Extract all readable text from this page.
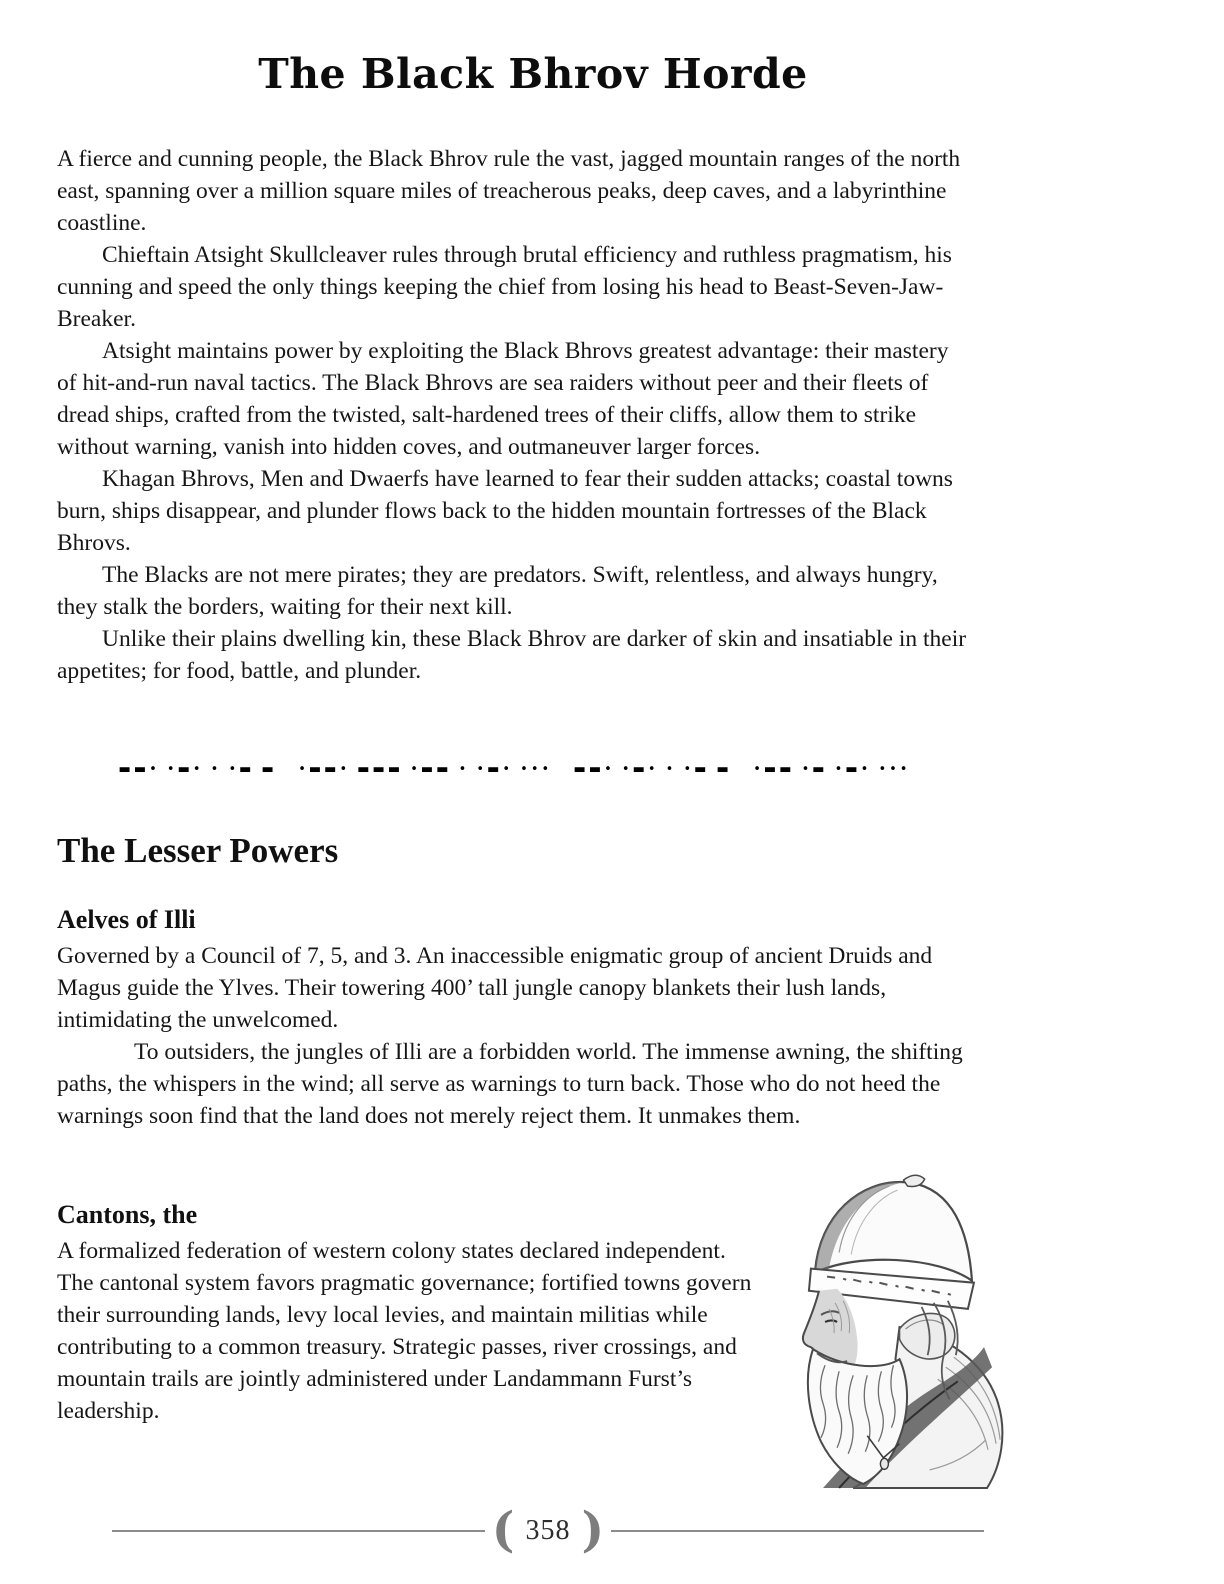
The Black Bhrov Horde

A fierce and cunning people, the Black Bhrov rule the vast, jagged mountain ranges of the north east, spanning over a million square miles of treacherous peaks, deep caves, and a labyrinthine coastline.

Chieftain Atsight Skullcleaver rules through brutal efficiency and ruthless pragmatism, his cunning and speed the only things keeping the chief from losing his head to Beast-Seven-Jaw-Breaker.

Atsight maintains power by exploiting the Black Bhrovs greatest advantage: their mastery of hit-and-run naval tactics. The Black Bhrovs are sea raiders without peer and their fleets of dread ships, crafted from the twisted, salt-hardened trees of their cliffs, allow them to strike without warning, vanish into hidden coves, and outmaneuver larger forces.

Khagan Bhrovs, Men and Dwaerfs have learned to fear their sudden attacks; coastal towns burn, ships disappear, and plunder flows back to the hidden mountain fortresses of the Black Bhrovs.

The Blacks are not mere pirates; they are predators. Swift, relentless, and always hungry, they stalk the borders, waiting for their next kill.

Unlike their plains dwelling kin, these Black Bhrov are darker of skin and insatiable in their appetites; for food, battle, and plunder.

▬▬• •▬• • •▬ ▬   •▬▬• ▬▬▬ •▬▬ • •▬• •••   ▬▬• •▬• • •▬ ▬   •▬▬ •▬ •▬• •••
The Lesser Powers
Aelves of Illi

Governed by a Council of 7, 5, and 3. An inaccessible enigmatic group of ancient Druids and Magus guide the Ylves. Their towering 400’ tall jungle canopy blankets their lush lands, intimidating the unwelcomed.

To outsiders, the jungles of Illi are a forbidden world. The immense awning, the shifting paths, the whispers in the wind; all serve as warnings to turn back. Those who do not heed the warnings soon find that the land does not merely reject them. It unmakes them.

Cantons, the

A formalized federation of western colony states declared independent. The cantonal system favors pragmatic governance; fortified towns govern their surrounding lands, levy local levies, and maintain militias while contributing to a common treasury. Strategic passes, river crossings, and mountain trails are jointly administered under Landammann Furst’s leadership.

( 358 )
